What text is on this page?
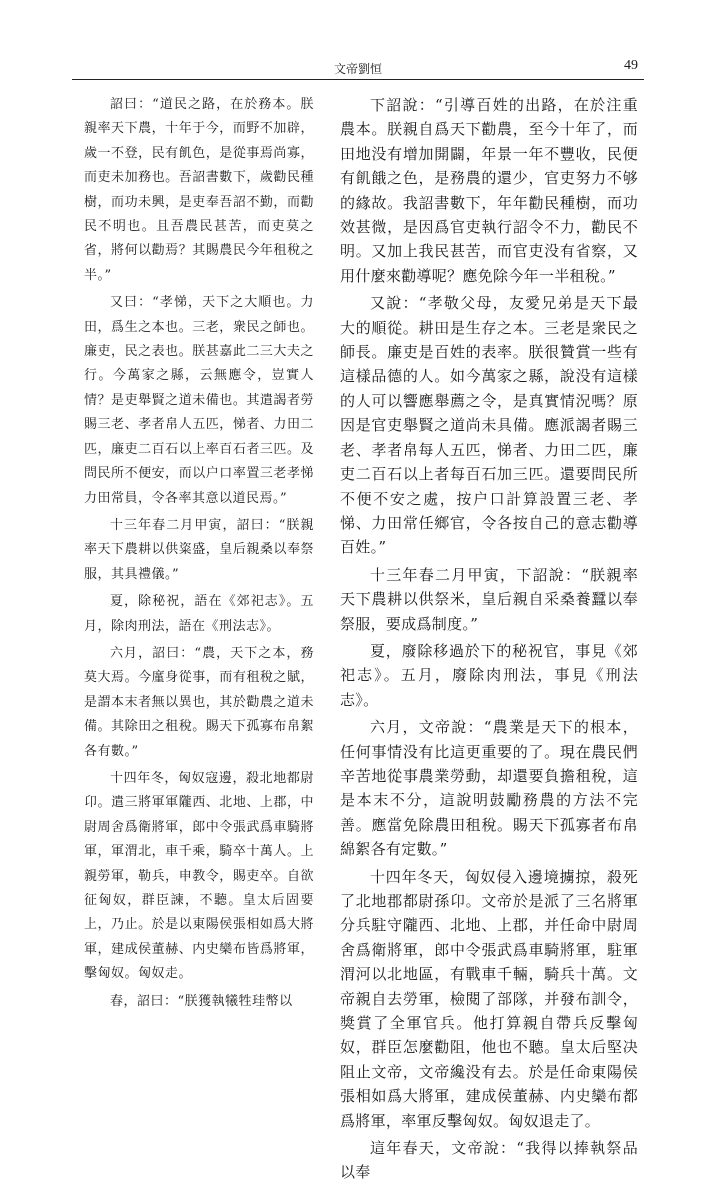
文帝劉恒	49

詔曰：“道民之路，在於務本。朕親率天下農，十年于今，而野不加辟，歲一不登，民有飢色，是從事焉尚寡，而吏未加務也。吾詔書數下，歲勸民種樹，而功未興，是吏奉吾詔不勤，而勸民不明也。且吾農民甚苦，而吏莫之省，將何以勸焉？其賜農民今年租稅之半。”

又曰：“孝悌，天下之大順也。力田，爲生之本也。三老，衆民之師也。廉吏，民之表也。朕甚嘉此二三大夫之行。今萬家之縣，云無應令，豈實人情？是吏舉賢之道未備也。其遣謁者勞賜三老、孝者帛人五匹，悌者、力田二匹，廉吏二百石以上率百石者三匹。及問民所不便安，而以户口率置三老孝悌力田常員，令各率其意以道民焉。”

十三年春二月甲寅，詔曰：“朕親率天下農耕以供粢盛，皇后親桑以奉祭服，其具禮儀。”

夏，除秘祝，語在《郊祀志》。五月，除肉刑法，語在《刑法志》。

六月，詔曰：“農，天下之本，務莫大焉。今廑身從事，而有租稅之賦，是謂本末者無以異也，其於勸農之道未備。其除田之租稅。賜天下孤寡布帛絮各有數。”

十四年冬，匈奴寇邊，殺北地都尉卬。遣三將軍軍隴西、北地、上郡，中尉周舍爲衛將軍，郎中令張武爲車騎將軍，軍渭北，車千乘，騎卒十萬人。上親勞軍，勒兵，申教令，賜吏卒。自欲征匈奴，群臣諫，不聽。皇太后固要上，乃止。於是以東陽侯張相如爲大將軍，建成侯董赫、内史欒布皆爲將軍，擊匈奴。匈奴走。

春，詔曰：“朕獲執犧牲珪幣以

下詔說：“引導百姓的出路，在於注重農本。朕親自爲天下勸農，至今十年了，而田地没有增加開闢，年景一年不豐收，民便有飢餓之色，是務農的還少，官吏努力不够的緣故。我詔書數下，年年勸民種樹，而功效甚微，是因爲官吏執行詔令不力，勸民不明。又加上我民甚苦，而官吏没有省察，又用什麼來勸導呢？應免除今年一半租稅。”

又說：“孝敬父母，友愛兄弟是天下最大的順從。耕田是生存之本。三老是衆民之師長。廉吏是百姓的表率。朕很贊賞一些有這樣品德的人。如今萬家之縣，說没有這樣的人可以響應舉薦之令，是真實情況嗎？原因是官吏舉賢之道尚未具備。應派謁者賜三老、孝者帛每人五匹，悌者、力田二匹，廉吏二百石以上者每百石加三匹。還要問民所不便不安之處，按户口計算設置三老、孝悌、力田常任鄉官，令各按自己的意志勸導百姓。”

十三年春二月甲寅，下詔說：“朕親率天下農耕以供祭米，皇后親自采桑養蠶以奉祭服，要成爲制度。”

夏，廢除移過於下的秘祝官，事見《郊祀志》。五月，廢除肉刑法，事見《刑法志》。

六月，文帝說：“農業是天下的根本，任何事情没有比這更重要的了。現在農民們辛苦地從事農業勞動，却還要負擔租稅，這是本末不分，這說明鼓勵務農的方法不完善。應當免除農田租稅。賜天下孤寡者布帛綿絮各有定數。”

十四年冬天，匈奴侵入邊境擄掠，殺死了北地郡都尉孫卬。文帝於是派了三名將軍分兵駐守隴西、北地、上郡，并任命中尉周舍爲衛將軍，郎中令張武爲車騎將軍，駐軍渭河以北地區，有戰車千輛，騎兵十萬。文帝親自去勞軍，檢閱了部隊，并發布訓令，獎賞了全軍官兵。他打算親自帶兵反擊匈奴，群臣怎麼勸阻，他也不聽。皇太后堅决阻止文帝，文帝纔没有去。於是任命東陽侯張相如爲大將軍，建成侯董赫、内史欒布都爲將軍，率軍反擊匈奴。匈奴退走了。

這年春天，文帝說：“我得以捧執祭品以奉
